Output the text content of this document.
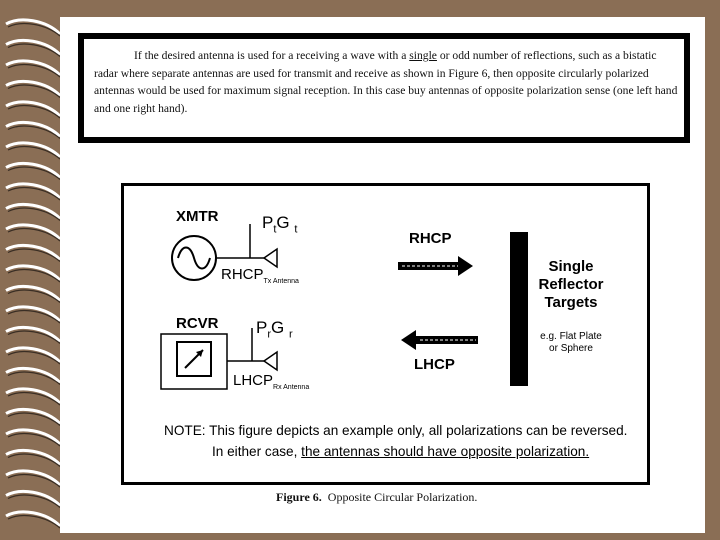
If the desired antenna is used for a receiving a wave with a single or odd number of reflections, such as a bistatic radar where separate antennas are used for transmit and receive as shown in Figure 6, then opposite circularly polarized antennas would be used for maximum signal reception. In this case buy antennas of opposite polarization sense (one left hand and one right hand).

XMTR	$P_tG$ $_t$
$RHCP_{Tx Antenna}$
RCVR $P_rG$ $_r$
$LHCP_{Rx Antenna}$
RHCP
LHCP
Single
Reflector
Targets
e.g. Flat Plate
or Sphere
NOTE: This figure depicts an example only, all polarizations can be reversed.
In either case, the antennas should have opposite polarization.
Figure 6. Opposite Circular Polarization.
